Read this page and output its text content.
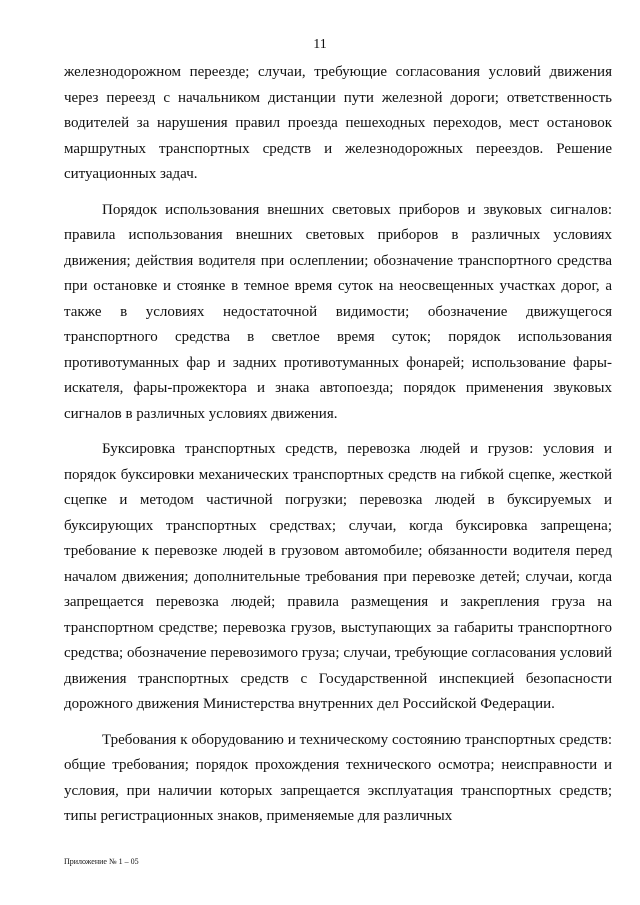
11

железнодорожном переезде; случаи, требующие согласования условий движения через переезд с начальником дистанции пути железной дороги; ответственность водителей за нарушения правил проезда пешеходных переходов, мест остановок маршрутных транспортных средств и железнодорожных переездов. Решение ситуационных задач.

Порядок использования внешних световых приборов и звуковых сигналов: правила использования внешних световых приборов в различных условиях движения; действия водителя при ослеплении; обозначение транспортного средства при остановке и стоянке в темное время суток на неосвещенных участках дорог, а также в условиях недостаточной видимости; обозначение движущегося транспортного средства в светлое время суток; порядок использования противотуманных фар и задних противотуманных фонарей; использование фары-искателя, фары-прожектора и знака автопоезда; порядок применения звуковых сигналов в различных условиях движения.

Буксировка транспортных средств, перевозка людей и грузов: условия и порядок буксировки механических транспортных средств на гибкой сцепке, жесткой сцепке и методом частичной погрузки; перевозка людей в буксируемых и буксирующих транспортных средствах; случаи, когда буксировка запрещена; требование к перевозке людей в грузовом автомобиле; обязанности водителя перед началом движения; дополнительные требования при перевозке детей; случаи, когда запрещается перевозка людей; правила размещения и закрепления груза на транспортном средстве; перевозка грузов, выступающих за габариты транспортного средства; обозначение перевозимого груза; случаи, требующие согласования условий движения транспортных средств с Государственной инспекцией безопасности дорожного движения Министерства внутренних дел Российской Федерации.

Требования к оборудованию и техническому состоянию транспортных средств: общие требования; порядок прохождения технического осмотра; неисправности и условия, при наличии которых запрещается эксплуатация транспортных средств; типы регистрационных знаков, применяемые для различных

Приложение № 1 – 05
